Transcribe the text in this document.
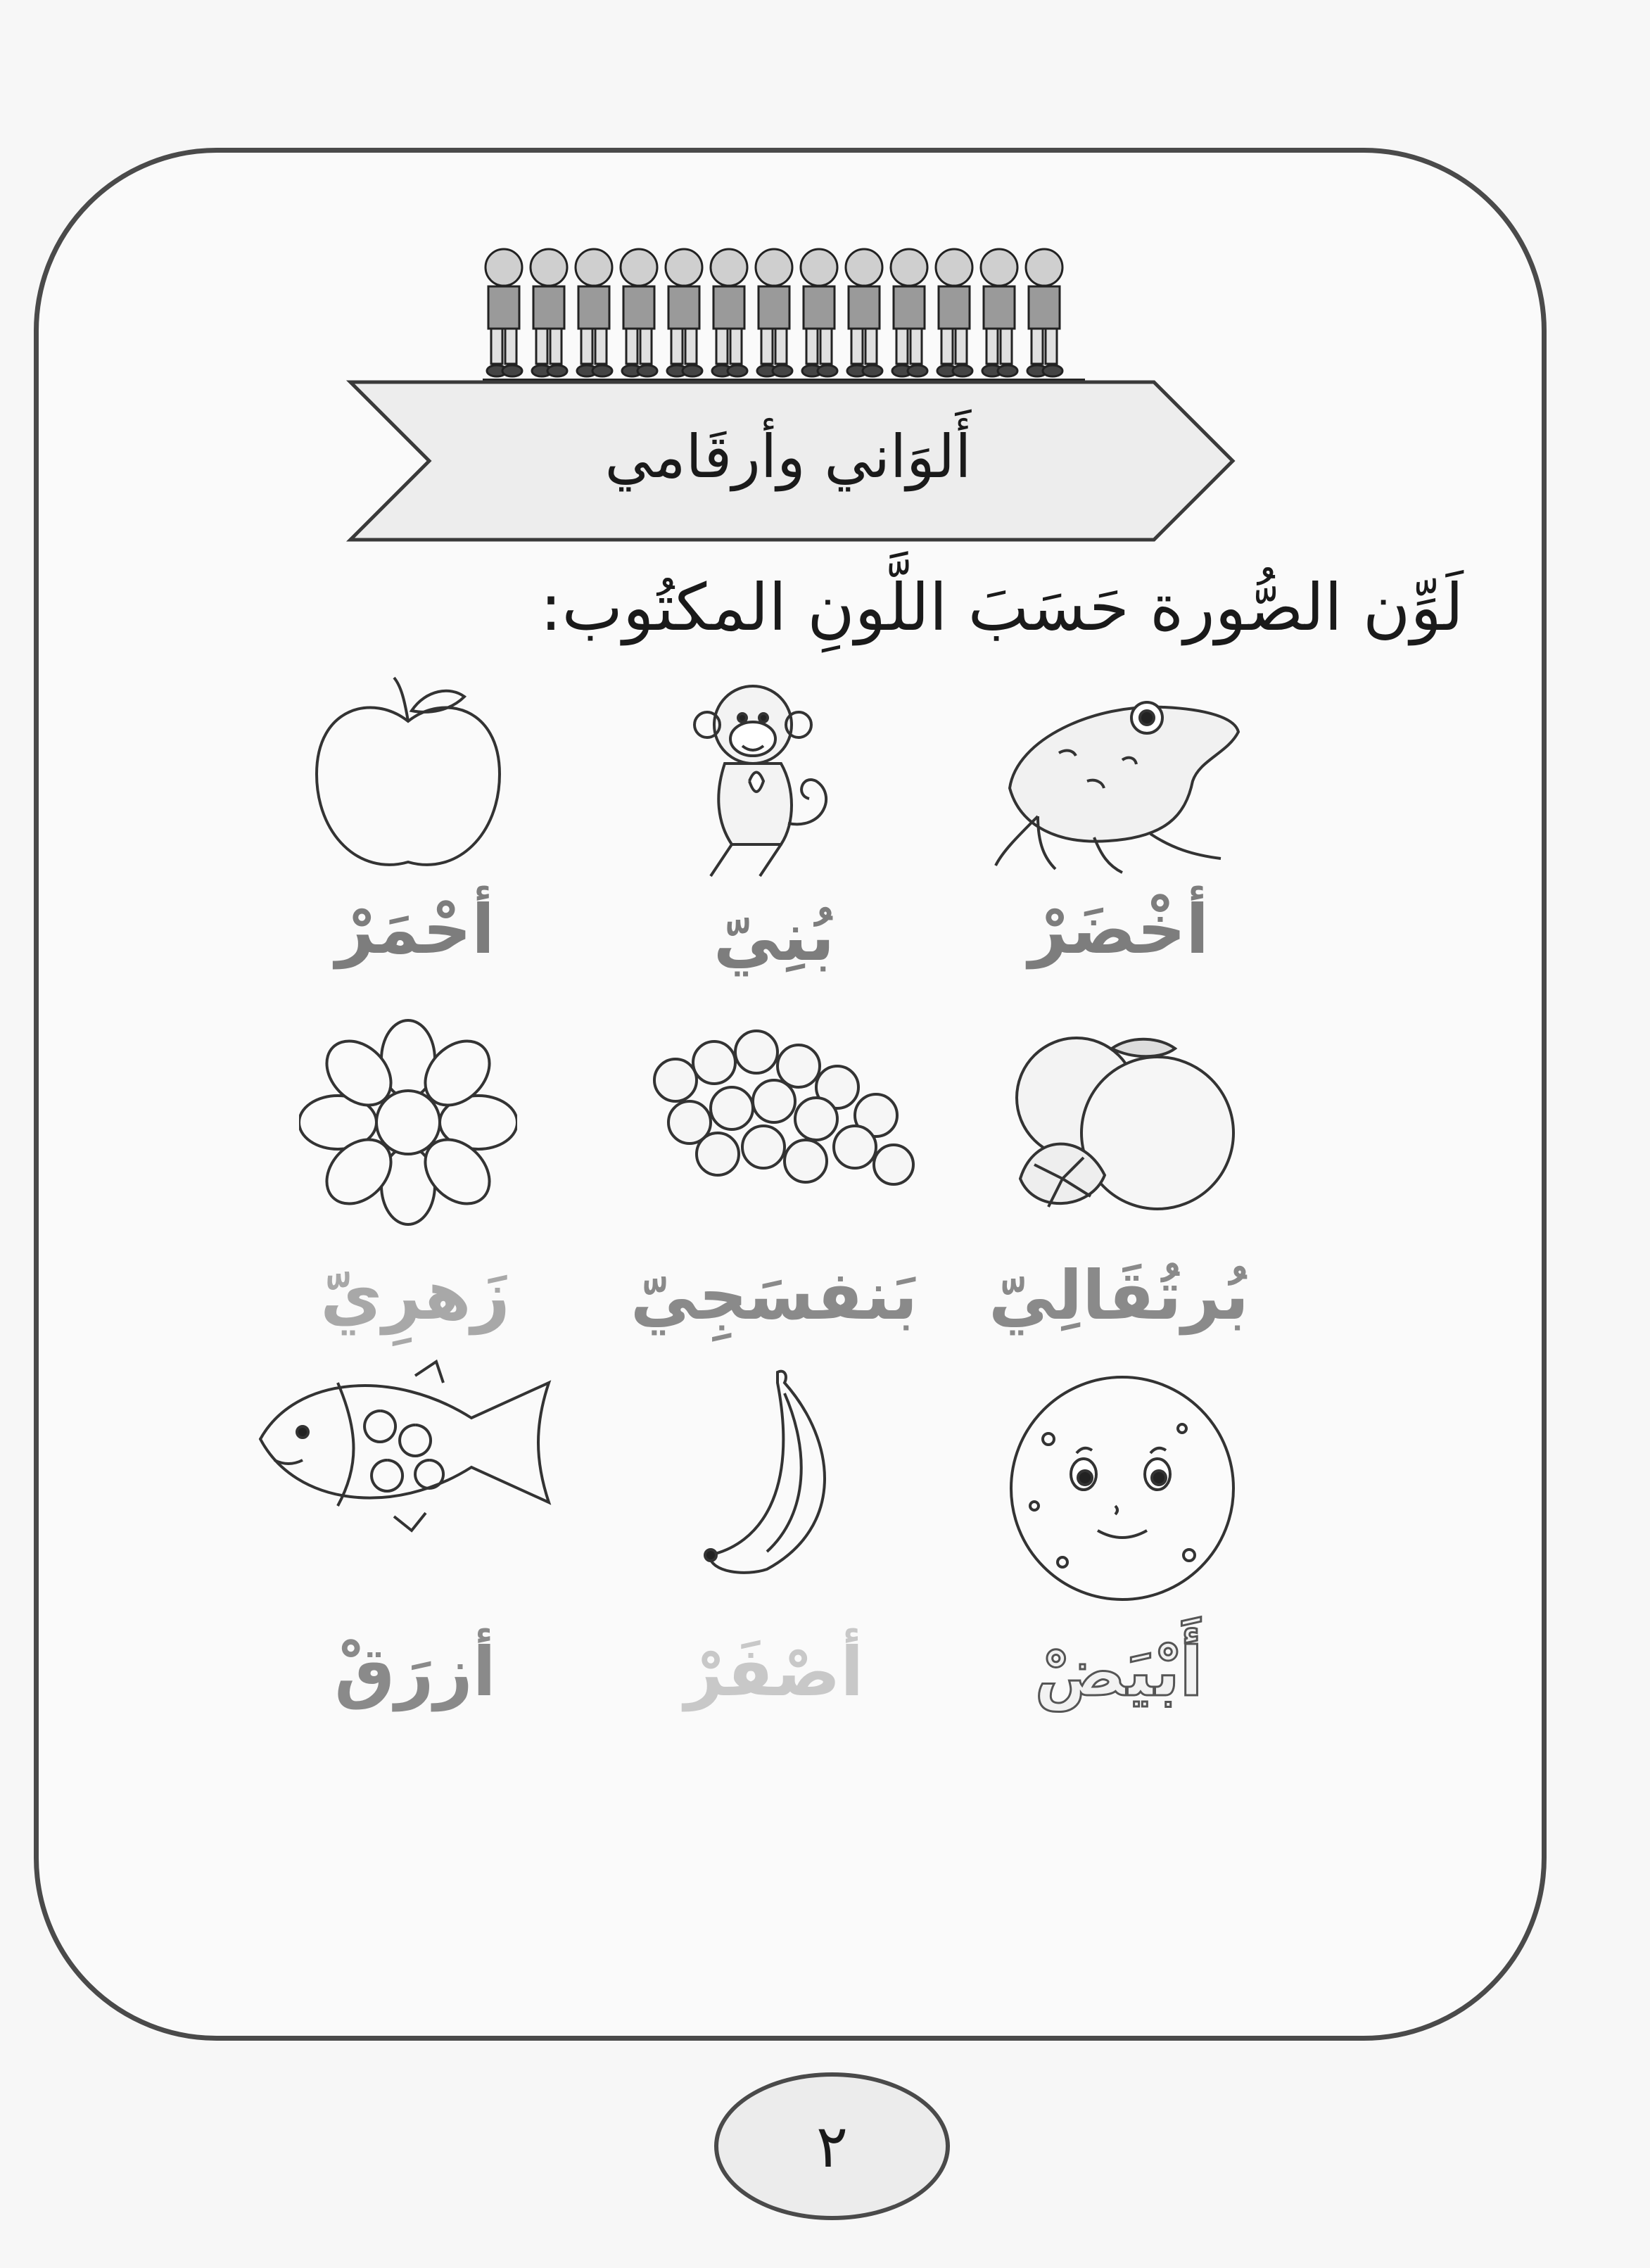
أَلوَاني وأرقَامي
لَوِّن الصُّورة حَسَبَ اللَّونِ المكتُوب:
أخْضَرْ
بُنِيّ
أحْمَرْ
بُرتُقَالِيّ
بَنفسَجِيّ
زَهرِيّ
أَبْيَضْ
أصْفَرْ
أزرَقْ
٢
